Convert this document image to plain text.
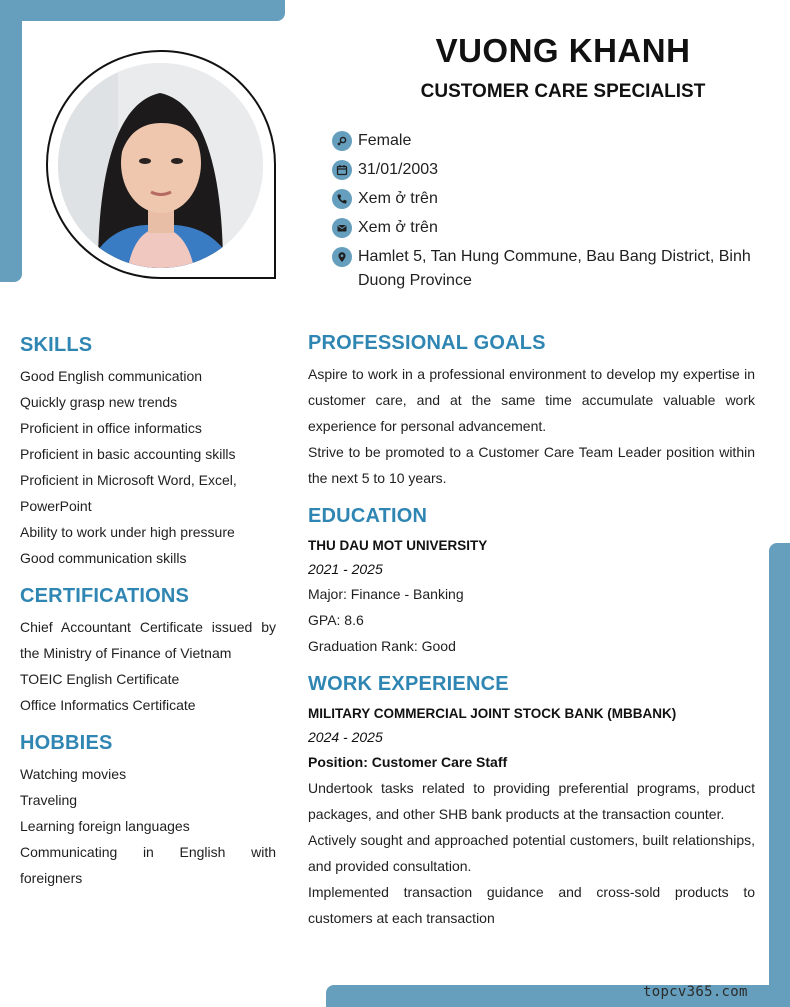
VUONG KHANH
CUSTOMER CARE SPECIALIST
Female
31/01/2003
Xem ở trên
Xem ở trên
Hamlet 5, Tan Hung Commune, Bau Bang District, Binh Duong Province
SKILLS
Good English communication
Quickly grasp new trends
Proficient in office informatics
Proficient in basic accounting skills
Proficient in Microsoft Word, Excel, PowerPoint
Ability to work under high pressure
Good communication skills
CERTIFICATIONS
Chief Accountant Certificate issued by the Ministry of Finance of Vietnam
TOEIC English Certificate
Office Informatics Certificate
HOBBIES
Watching movies
Traveling
Learning foreign languages
Communicating in English with foreigners
PROFESSIONAL GOALS
Aspire to work in a professional environment to develop my expertise in customer care, and at the same time accumulate valuable work experience for personal advancement.
Strive to be promoted to a Customer Care Team Leader position within the next 5 to 10 years.
EDUCATION
THU DAU MOT UNIVERSITY
2021 - 2025
Major: Finance - Banking
GPA: 8.6
Graduation Rank: Good
WORK EXPERIENCE
MILITARY COMMERCIAL JOINT STOCK BANK (MBBANK)
2024 - 2025
Position: Customer Care Staff
Undertook tasks related to providing preferential programs, product packages, and other SHB bank products at the transaction counter.
Actively sought and approached potential customers, built relationships, and provided consultation.
Implemented transaction guidance and cross-sold products to customers at each transaction
topcv365.com
